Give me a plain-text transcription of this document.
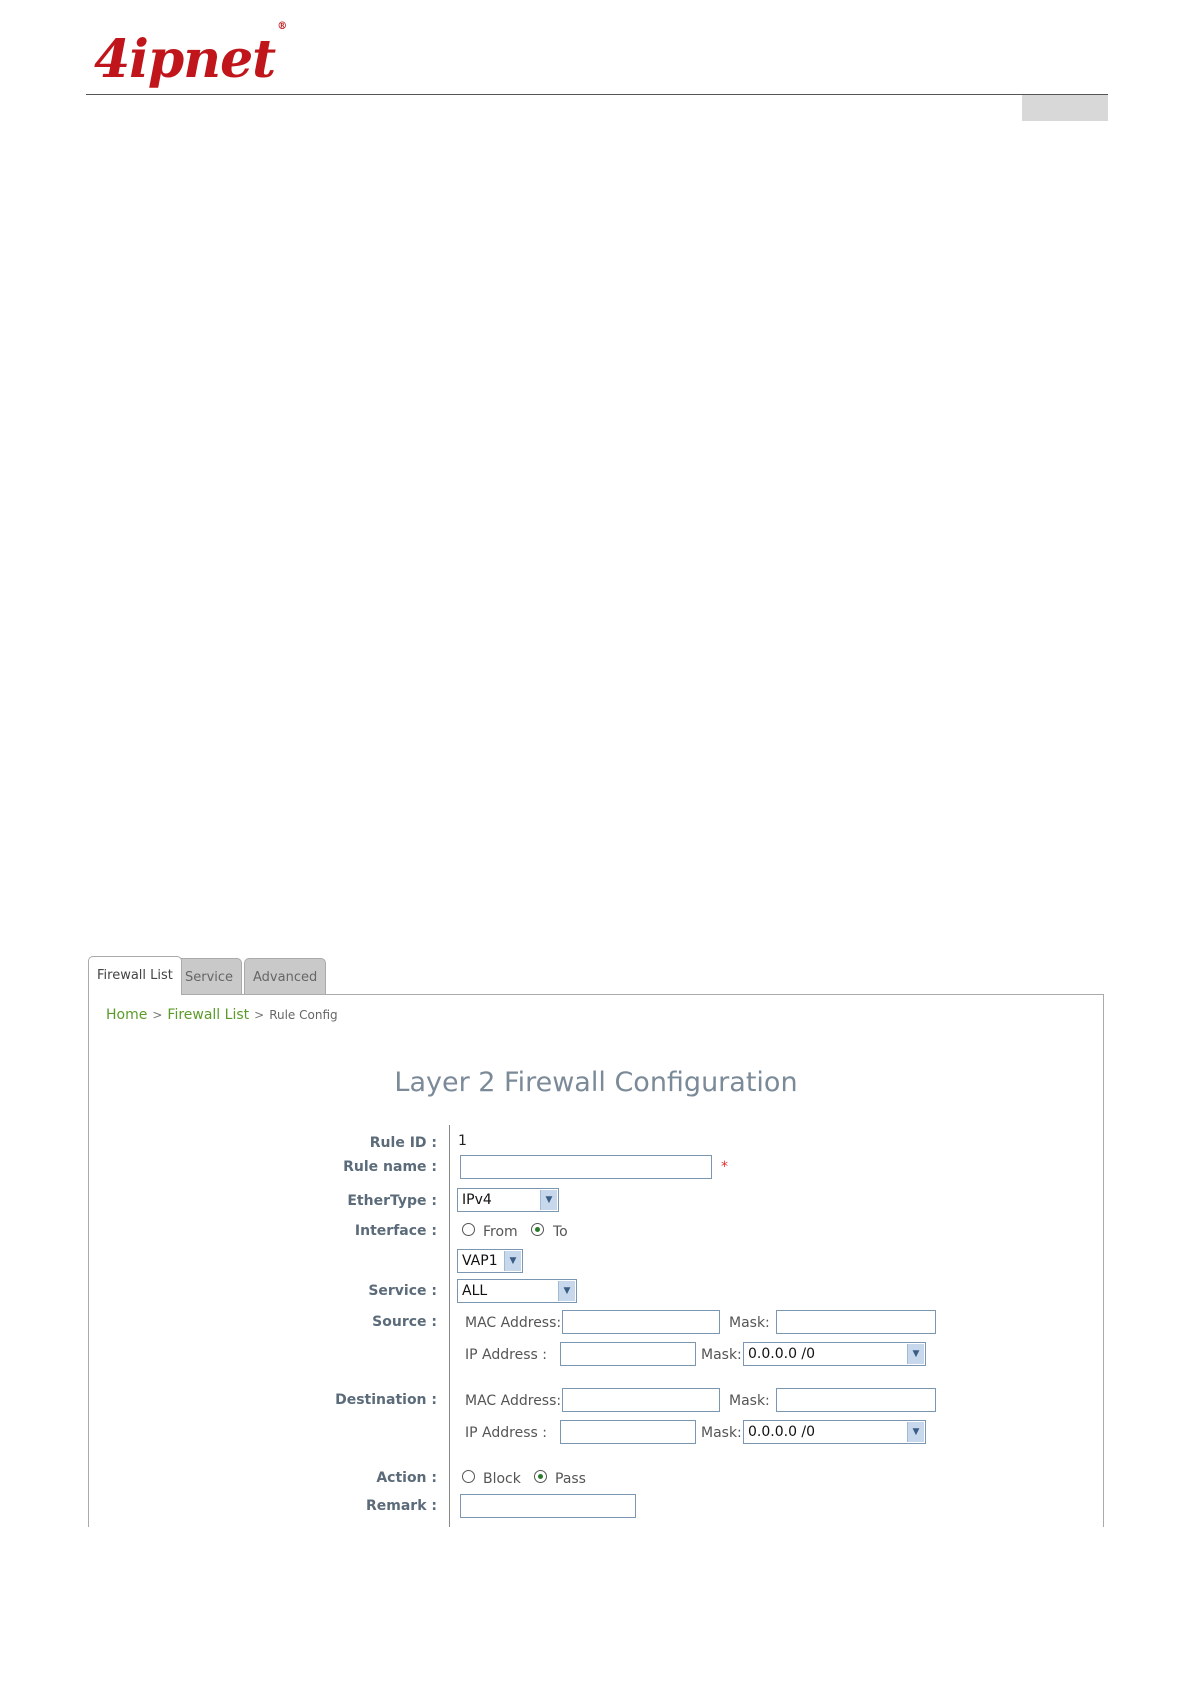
4ipnet®
Firewall List Service	Advanced
Home > Firewall List > Rule Config
Layer 2 Firewall Configuration
Rule ID : 1
Rule name :	*
EtherType :	IPv4	▼
Interface :	From	To
VAP1	▼
Service :	ALL	▼
Source : MAC Address:	Mask:
IP Address :	Mask: 0.0.0.0 /0	▼
Destination : MAC Address:	Mask:
IP Address :	Mask: 0.0.0.0 /0	▼
Action :	Block Pass
Remark :
